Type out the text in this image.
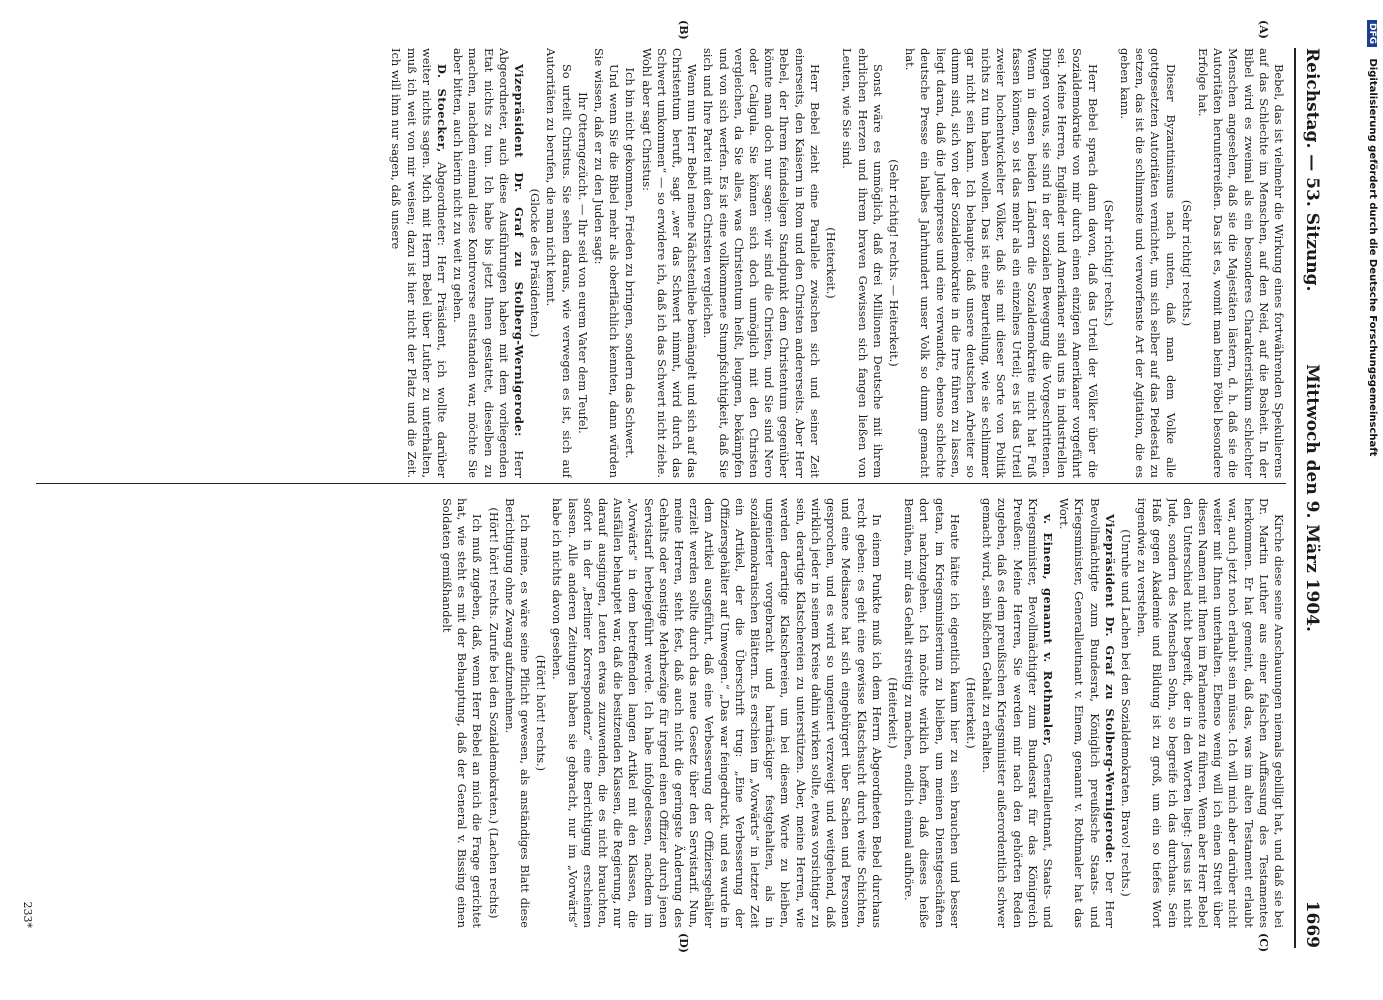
Reichstag. — 53. Sitzung.
Mittwoch den 9. März 1904.
1669
(A)
(B)
(C)
(D)

Bebel, das ist vielmehr die Wirkung eines fortwährenden Spekulierens auf das Schlechte im Menschen, auf den Neid, auf die Bosheit. In der Bibel wird es zweimal als ein besonderes Charakteristikum schlechter Menschen angesehen, daß sie die Majestäten lästern, d. h. daß sie die Autoritäten herunterreißen. Das ist es, womit man beim Pöbel besondere Erfolge hat.

(Sehr richtig! rechts.)

Dieser Byzantinismus nach unten, daß man dem Volke alle gottgesetzten Autoritäten vernichtet, um sich selber auf das Piedestal zu setzen, das ist die schlimmste und verworfenste Art der Agitation, die es geben kann.

(Sehr richtig! rechts.)

Herr Bebel sprach dann davon, daß das Urteil der Völker über die Sozialdemokratie von mir durch einen einzigen Amerikaner vorgeführt sei. Meine Herren, Engländer und Amerikaner sind uns in industriellen Dingen voraus, sie sind in der sozialen Bewegung die Vorgeschrittenen. Wenn in diesen beiden Ländern die Sozialdemokratie nicht hat Fuß fassen können, so ist das mehr als ein einzelnes Urteil; es ist das Urteil zweier hochentwickelter Völker, daß sie mit dieser Sorte von Politik nichts zu tun haben wollen. Das ist eine Beurteilung, wie sie schlimmer gar nicht sein kann. Ich behaupte: daß unsere deutschen Arbeiter so dumm sind, sich von der Sozialdemokratie in die Irre führen zu lassen, liegt daran, daß die Judenpresse und eine verwandte, ebenso schlechte deutsche Presse ein halbes Jahrhundert unser Volk so dumm gemacht hat.

(Sehr richtig! rechts. — Heiterkeit.)

Sonst wäre es unmöglich, daß drei Millionen Deutsche mit ihrem ehrlichen Herzen und ihrem braven Gewissen sich fangen ließen von Leuten, wie Sie sind.

(Heiterkeit.)

Herr Bebel zieht eine Parallele zwischen sich und seiner Zeit einerseits, den Kaisern in Rom und den Christen andererseits. Aber Herr Bebel, der Ihrem feindseligen Standpunkt dem Christentum gegenüber könnte man doch nur sagen: wir sind die Christen, und Sie sind Nero oder Caligula. Sie können sich doch unmöglich mit den Christen vergleichen, da Sie alles, was Christentum heißt, leugnen, bekämpfen und von sich werfen. Es ist eine vollkommene Stumpfsichtigkeit, daß Sie sich und Ihre Partei mit den Christen vergleichen.

Wenn nun Herr Bebel meine Nächstenliebe bemängelt und sich auf das Christentum beruft, sagt „wer das Schwert nimmt, wird durch das Schwert umkommen“ — so erwidere ich, daß ich das Schwert nicht ziehe. Wohl aber sagt Christus:

Ich bin nicht gekommen, Frieden zu bringen, sondern das Schwert.

Und wenn Sie die Bibel mehr als oberflächlich kennten, dann würden Sie wissen, daß er zu den Juden sagt:

Ihr Otterngezücht. — Ihr seid von eurem Vater dem Teufel.

So urteilt Christus. Sie sehen daraus, wie verwegen es ist, sich auf Autoritäten zu berufen, die man nicht kennt.

(Glocke des Präsidenten.)

Vizepräsident Dr. Graf zu Stolberg-Wernigerode: Herr Abgeordneter, auch diese Ausführungen haben mit dem vorliegenden Etat nichts zu tun. Ich habe bis jetzt Ihnen gestattet, dieselben zu machen, nachdem einmal diese Kontroverse entstanden war, möchte Sie aber bitten, auch hierin nicht zu weit zu gehen.

D. Stoecker, Abgeordneter: Herr Präsident, ich wollte darüber weiter nichts sagen. Mich mit Herrn Bebel über Luther zu unterhalten, muß ich weit von mir weisen; dazu ist hier nicht der Platz und die Zeit. Ich will ihm nur sagen, daß unsere

Kirche diese seine Anschauungen niemals gebilligt hat, und daß sie bei Dr. Martin Luther aus einer falschen Auffassung des Testamentes herkommen. Er hat gemeint, daß das, was im alten Testament erlaubt war, auch jetzt noch erlaubt sein müsse. Ich will mich aber darüber nicht weiter mit Ihnen unterhalten. Ebenso wenig will ich einen Streit über diesen Namen mit Ihnen im Parlamente zu führen. Wenn aber Herr Bebel den Unterschied nicht begreift, der in den Worten liegt: Jesus ist nicht Jude, sondern des Menschen Sohn, so begreife ich das durchaus. Sein Haß gegen Akademie und Bildung ist zu groß, um ein so tiefes Wort irgendwie zu verstehen.

(Unruhe und Lachen bei den Sozialdemokraten. Bravo! rechts.)

Vizepräsident Dr. Graf zu Stolberg-Wernigerode: Der Herr Bevollmächtigte zum Bundesrat, Königlich preußische Staats- und Kriegsminister, Generalleutnant v. Einem, genannt v. Rothmaler hat das Wort.

v. Einem, genannt v. Rothmaler, Generalleutnant, Staats- und Kriegsminister, Bevollmächtigter zum Bundesrat für das Königreich Preußen: Meine Herren, Sie werden mir nach den gehörten Reden zugeben, daß es dem preußischen Kriegsminister außerordentlich schwer gemacht wird, sein bißchen Gehalt zu erhalten.

(Heiterkeit.)

Heute hätte ich eigentlich kaum hier zu sein brauchen und besser getan, im Kriegsministerium zu bleiben, um meinen Dienstgeschäften dort nachzugehen. Ich möchte wirklich hoffen, daß dieses heiße Bemühen, mir das Gehalt streitig zu machen, endlich einmal aufhöre.

(Heiterkeit.)

In einem Punkte muß ich dem Herrn Abgeordneten Bebel durchaus recht geben: es geht eine gewisse Klatschsucht durch weite Schichten, und eine Medisance hat sich eingebürgert über Sachen und Personen gesprochen, und es wird so ungeniert verzweigt und weitgehend, daß wirklich jeder in seinem Kreise dahin wirken sollte, etwas vorsichtiger zu sein, derartige Klatschereien zu unterstützen. Aber, meine Herren, wie werden derartige Klatschereien, um bei diesem Worte zu bleiben, ungenierter vorgebracht und hartnäckiger festgehalten, als in sozialdemokratischen Blättern. Es erschien im „Vorwärts“ in letzter Zeit ein Artikel, der die Überschrift trug: „Eine Verbesserung der Offiziersgehälter auf Umwegen.“ „Das war feingedruckt, und es wurde in dem Artikel ausgeführt, daß eine Verbesserung der Offiziersgehälter erzielt werden sollte durch das neue Gesetz über den Servistarif. Nun, meine Herren, steht fest, daß auch nicht die geringste Änderung des Gehalts oder sonstige Mehrbezüge für irgend einen Offizier durch jenen Servistarif herbeigeführt werde. Ich habe infolgedessen, nachdem im „Vorwärts“ in dem betreffenden langen Artikel mit den Klassen, die Ausfällen behauptet war, daß die besitzenden Klassen, die Regierung, nur darauf ausgingen, Leuten etwas zuzuwenden, die es nicht brauchten, sofort in der „Berliner Korrespondenz“ eine Berichtigung erscheinen lassen. Alle anderen Zeitungen haben sie gebracht, nur im „Vorwärts“ habe ich nichts davon gesehen.

(Hört! hört! rechts.)

Ich meine, es wäre seine Pflicht gewesen, als anständiges Blatt diese Berichtigung ohne Zwang aufzunehmen.

(Hört! hört! rechts. Zurufe bei den Sozialdemokraten.) (Lachen rechts)

Ich muß zugeben, daß, wenn Herr Bebel an mich die Frage gerichtet hat, wie steht es mit der Behauptung, daß der General v. Bissing einen Soldaten gemißhandelt

233*
DFG Digitalisierung gefördert durch die Deutsche Forschungsgemeinschaft
